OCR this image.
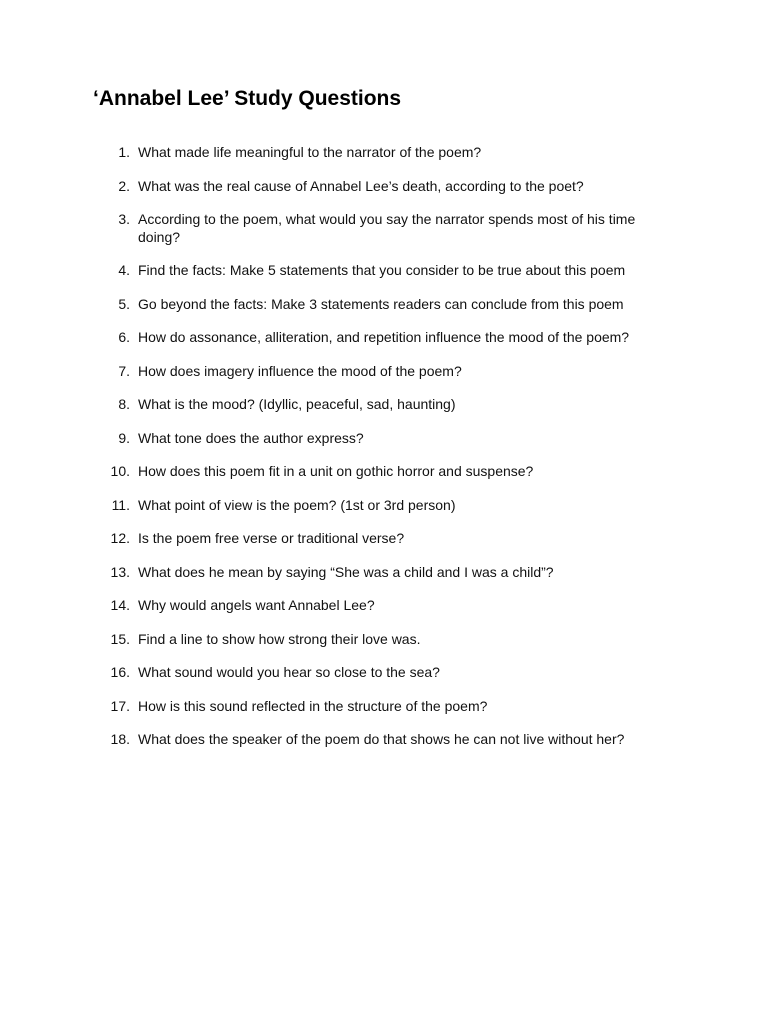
‘Annabel Lee’ Study Questions
1. What made life meaningful to the narrator of the poem?
2. What was the real cause of Annabel Lee’s death, according to the poet?
3. According to the poem, what would you say the narrator spends most of his time doing?
4. Find the facts: Make 5 statements that you consider to be true about this poem
5. Go beyond the facts: Make 3 statements readers can conclude from this poem
6. How do assonance, alliteration, and repetition influence the mood of the poem?
7. How does imagery influence the mood of the poem?
8. What is the mood? (Idyllic, peaceful, sad, haunting)
9. What tone does the author express?
10. How does this poem fit in a unit on gothic horror and suspense?
11. What point of view is the poem? (1st or 3rd person)
12. Is the poem free verse or traditional verse?
13. What does he mean by saying “She was a child and I was a child”?
14. Why would angels want Annabel Lee?
15. Find a line to show how strong their love was.
16. What sound would you hear so close to the sea?
17. How is this sound reflected in the structure of the poem?
18. What does the speaker of the poem do that shows he can not live without her?
